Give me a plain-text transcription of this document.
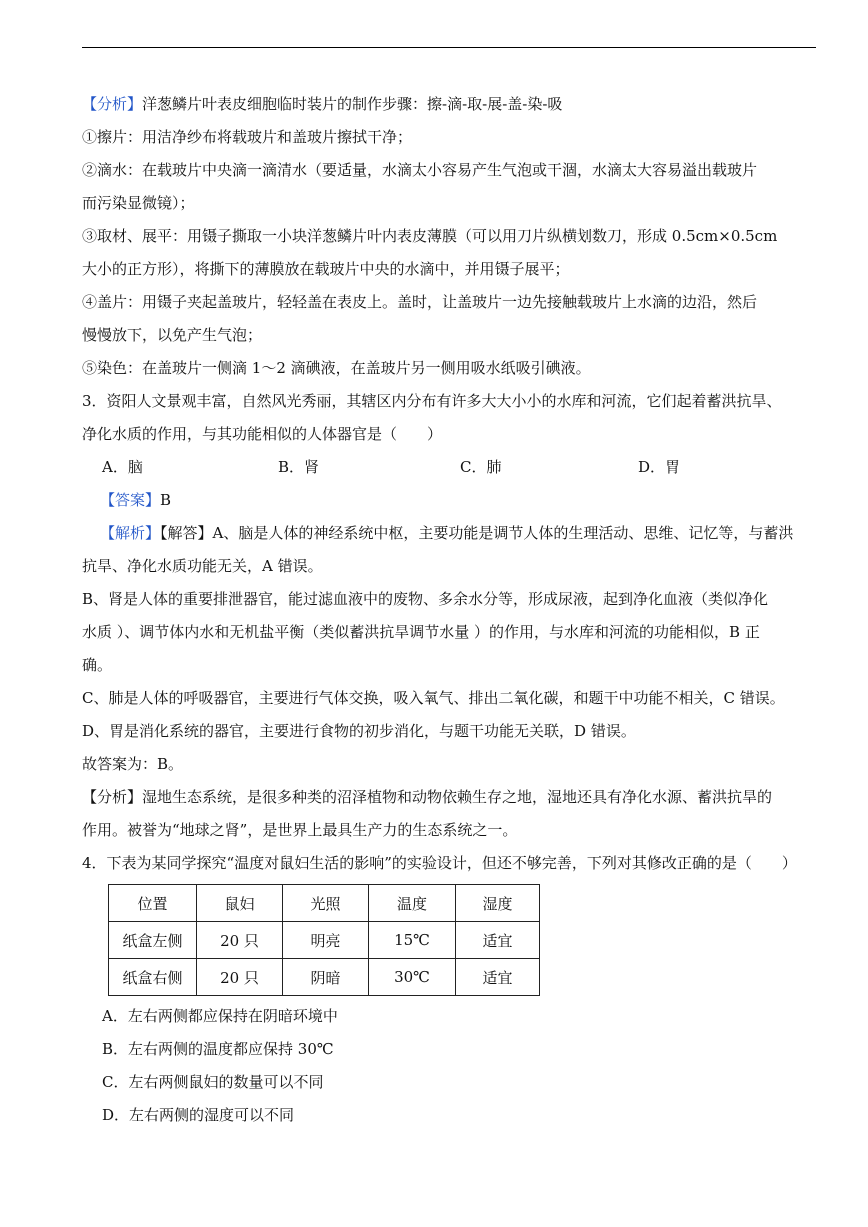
【分析】洋葱鳞片叶表皮细胞临时装片的制作步骤：擦-滴-取-展-盖-染-吸
①擦片：用洁净纱布将载玻片和盖玻片擦拭干净；
②滴水：在载玻片中央滴一滴清水（要适量，水滴太小容易产生气泡或干涸，水滴太大容易溢出载玻片
而污染显微镜）；
③取材、展平：用镊子撕取一小块洋葱鳞片叶内表皮薄膜（可以用刀片纵横划数刀，形成 0.5cm×0.5cm
大小的正方形），将撕下的薄膜放在载玻片中央的水滴中，并用镊子展平；
④盖片：用镊子夹起盖玻片，轻轻盖在表皮上。盖时，让盖玻片一边先接触载玻片上水滴的边沿，然后
慢慢放下，以免产生气泡；
⑤染色：在盖玻片一侧滴 1～2 滴碘液，在盖玻片另一侧用吸水纸吸引碘液。
3．资阳人文景观丰富，自然风光秀丽，其辖区内分布有许多大大小小的水库和河流，它们起着蓄洪抗旱、
净化水质的作用，与其功能相似的人体器官是（　　）
A．脑	B．肾	C．肺	D．胃
【答案】B
【解析】【解答】A、脑是人体的神经系统中枢，主要功能是调节人体的生理活动、思维、记忆等，与蓄洪
抗旱、净化水质功能无关，A 错误。
B、肾是人体的重要排泄器官，能过滤血液中的废物、多余水分等，形成尿液，起到净化血液（类似净化
水质 ）、调节体内水和无机盐平衡（类似蓄洪抗旱调节水量 ）的作用，与水库和河流的功能相似，B 正
确。
C、肺是人体的呼吸器官，主要进行气体交换，吸入氧气、排出二氧化碳，和题干中功能不相关，C 错误。
D、胃是消化系统的器官，主要进行食物的初步消化，与题干功能无关联，D 错误。
故答案为：B。
【分析】湿地生态系统，是很多种类的沼泽植物和动物依赖生存之地，湿地还具有净化水源、蓄洪抗旱的
作用。被誉为“地球之肾”，是世界上最具生产力的生态系统之一。
4．下表为某同学探究“温度对鼠妇生活的影响”的实验设计，但还不够完善，下列对其修改正确的是（　　）
位置	鼠妇	光照	温度	湿度
纸盒左侧	20 只	明亮	15℃	适宜
纸盒右侧	20 只	阴暗	30℃	适宜
A．左右两侧都应保持在阴暗环境中
B．左右两侧的温度都应保持 30℃
C．左右两侧鼠妇的数量可以不同
D．左右两侧的湿度可以不同
